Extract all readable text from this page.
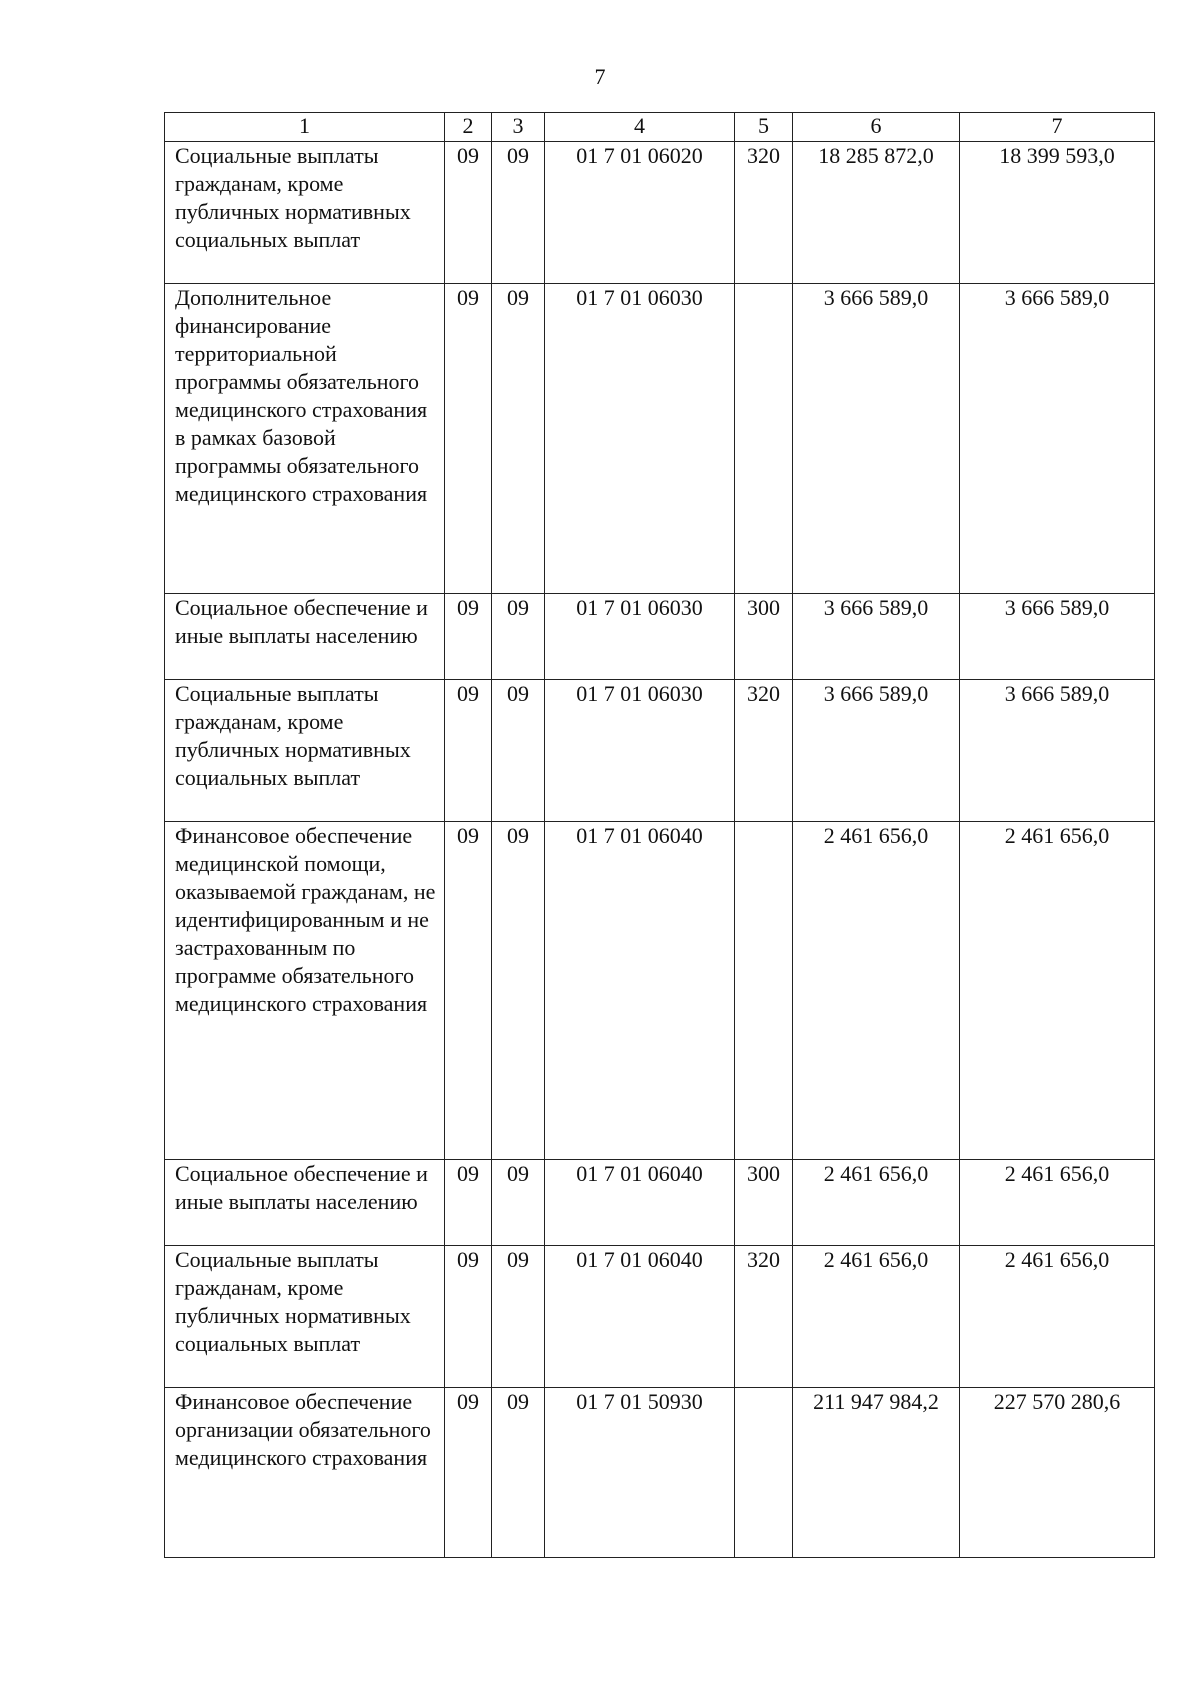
7
1	2	3	4	5	6	7
Социальные выплаты гражданам, кроме публичных нормативных социальных выплат	09	09	01 7 01 06020	320	18 285 872,0	18 399 593,0
Дополнительное финансирование территориальной программы обязательного медицинского страхования в рамках базовой программы обязательного медицинского страхования	09	09	01 7 01 06030		3 666 589,0	3 666 589,0
Социальное обеспечение и иные выплаты населению	09	09	01 7 01 06030	300	3 666 589,0	3 666 589,0
Социальные выплаты гражданам, кроме публичных нормативных социальных выплат	09	09	01 7 01 06030	320	3 666 589,0	3 666 589,0
Финансовое обеспечение медицинской помощи, оказываемой гражданам, не идентифицированным и не застрахованным по программе обязательного медицинского страхования	09	09	01 7 01 06040		2 461 656,0	2 461 656,0
Социальное обеспечение и иные выплаты населению	09	09	01 7 01 06040	300	2 461 656,0	2 461 656,0
Социальные выплаты гражданам, кроме публичных нормативных социальных выплат	09	09	01 7 01 06040	320	2 461 656,0	2 461 656,0
Финансовое обеспечение организации обязательного медицинского страхования	09	09	01 7 01 50930		211 947 984,2	227 570 280,6
